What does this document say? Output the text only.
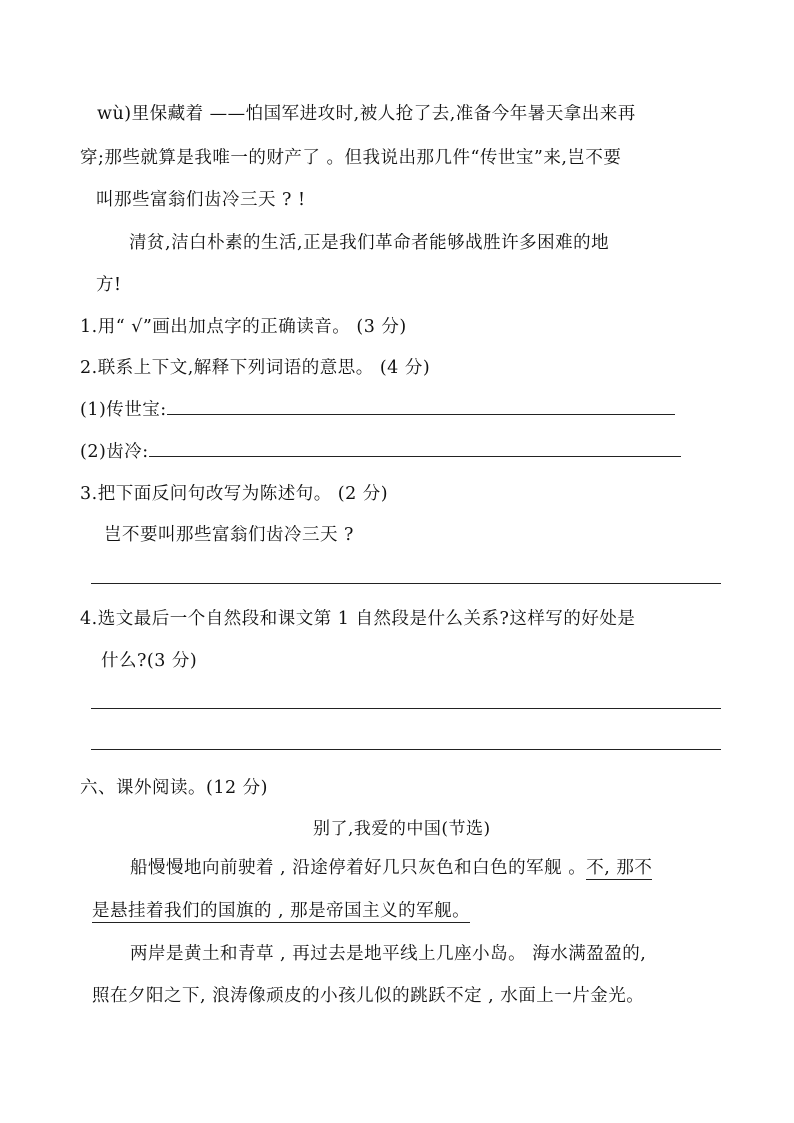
wù)里保藏着 ——怕国军进攻时,被人抢了去,准备今年暑天拿出来再
穿;那些就算是我唯一的财产了 。但我说出那几件“传世宝”来,岂不要
叫那些富翁们齿冷三天 ? !
清贫,洁白朴素的生活,正是我们革命者能够战胜许多困难的地
方!
1.用“ √”画出加点字的正确读音。 (3 分)
2.联系上下文,解释下列词语的意思。 (4 分)
(1)传世宝:
(2)齿冷:
3.把下面反问句改写为陈述句。 (2 分)
岂不要叫那些富翁们齿冷三天 ?
4.选文最后一个自然段和课文第 1 自然段是什么关系?这样写的好处是
什么?(3 分)
六、课外阅读。(12 分)
别了,我爱的中国(节选)
船慢慢地向前驶着 , 沿途停着好几只灰色和白色的军舰 。不, 那不
是悬挂着我们的国旗的 , 那是帝国主义的军舰。
两岸是黄土和青草 , 再过去是地平线上几座小岛。 海水满盈盈的,
照在夕阳之下, 浪涛像顽皮的小孩儿似的跳跃不定 , 水面上一片金光。
